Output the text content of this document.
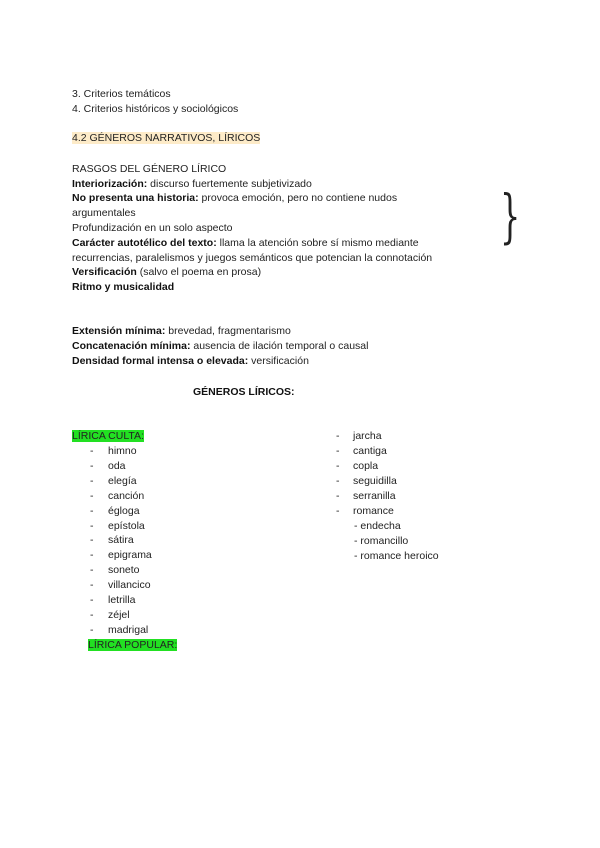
3. Criterios temáticos
4. Criterios históricos y sociológicos
4.2 GÉNEROS NARRATIVOS, LÍRICOS
RASGOS DEL GÉNERO LÍRICO
Interiorización: discurso fuertemente subjetivizado
No presenta una historia: provoca emoción, pero no contiene nudos
argumentales
Profundización en un solo aspecto
Carácter autotélico del texto: llama la atención sobre sí mismo mediante
recurrencias, paralelismos y juegos semánticos que potencian la connotación
Versificación (salvo el poema en prosa)
Ritmo y musicalidad
}
Extensión mínima: brevedad, fragmentarismo
Concatenación mínima: ausencia de ilación temporal o causal
Densidad formal intensa o elevada: versificación
GÉNEROS LÍRICOS:
LÍRICA CULTA:
- himno
- oda
- elegía
- canción
- égloga
- epístola
- sátira
- epigrama
- soneto
- villancico
- letrilla
- zéjel
- madrigal
LÍRICA POPULAR:
- jarcha
- cantiga
- copla
- seguidilla
- serranilla
- romance
- endecha
- romancillo
- romance heroico
